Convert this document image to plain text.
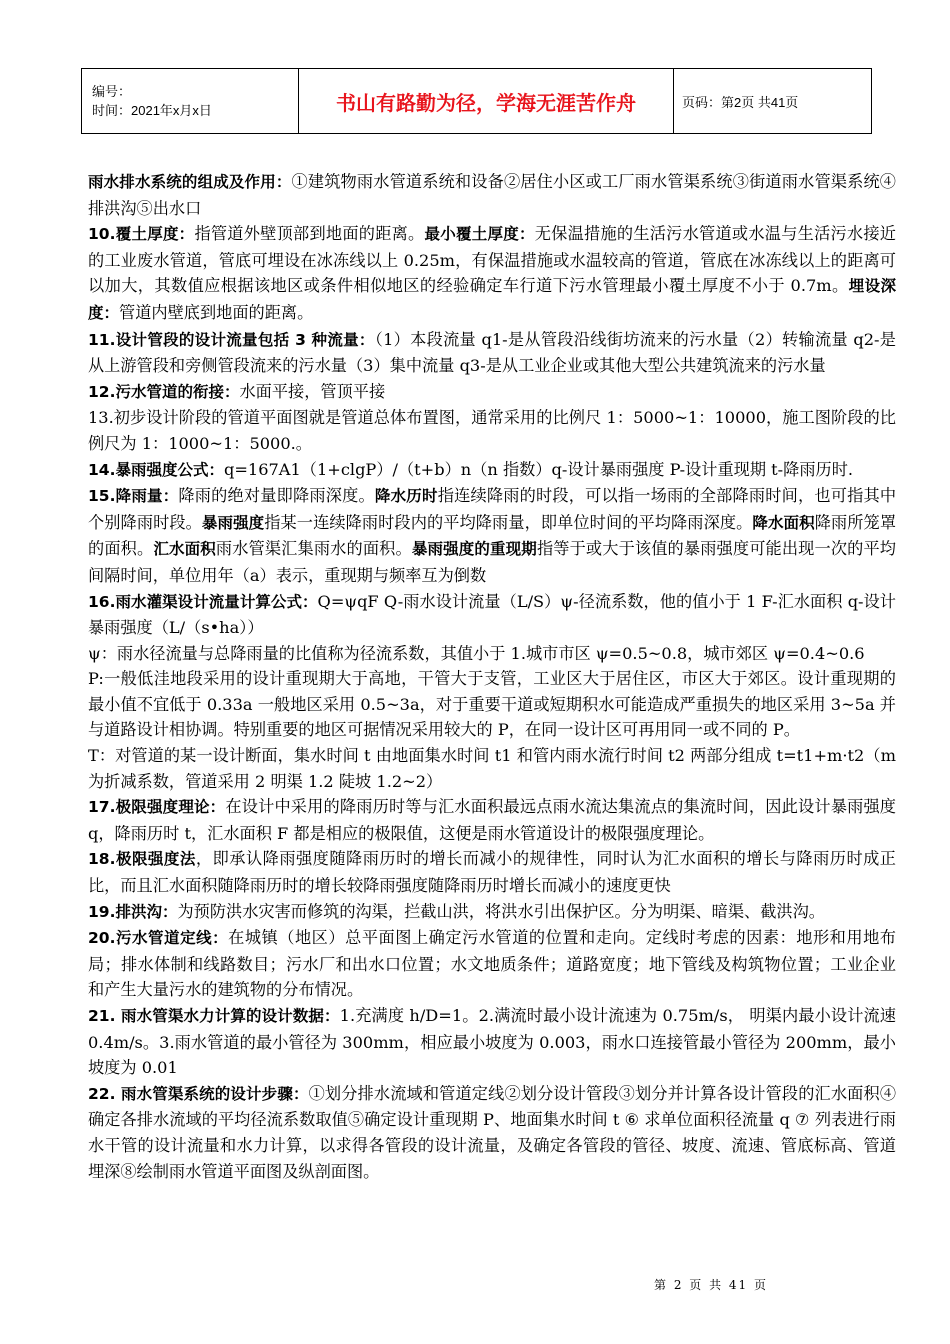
编号：
时间：2021年x月x日	书山有路勤为径，学海无涯苦作舟	页码：第2页 共41页

雨水排水系统的组成及作用：①建筑物雨水管道系统和设备②居住小区或工厂雨水管渠系统③街道雨水管渠系统④排洪沟⑤出水口

10.覆土厚度：指管道外壁顶部到地面的距离。最小覆土厚度：无保温措施的生活污水管道或水温与生活污水接近的工业废水管道，管底可埋设在冰冻线以上 0.25m，有保温措施或水温较高的管道，管底在冰冻线以上的距离可以加大，其数值应根据该地区或条件相似地区的经验确定车行道下污水管理最小覆土厚度不小于 0.7m。埋设深度：管道内壁底到地面的距离。

11.设计管段的设计流量包括 3 种流量：（1）本段流量 q1-是从管段沿线街坊流来的污水量（2）转输流量 q2-是从上游管段和旁侧管段流来的污水量（3）集中流量 q3-是从工业企业或其他大型公共建筑流来的污水量

12.污水管道的衔接：水面平接，管顶平接

13.初步设计阶段的管道平面图就是管道总体布置图，通常采用的比例尺 1：5000~1：10000，施工图阶段的比例尺为 1：1000~1：5000.。

14.暴雨强度公式：q=167A1（1+clgP）/（t+b）n（n 指数）q-设计暴雨强度 P-设计重现期 t-降雨历时.

15.降雨量：降雨的绝对量即降雨深度。降水历时指连续降雨的时段，可以指一场雨的全部降雨时间，也可指其中个别降雨时段。暴雨强度指某一连续降雨时段内的平均降雨量，即单位时间的平均降雨深度。降水面积降雨所笼罩的面积。汇水面积雨水管渠汇集雨水的面积。暴雨强度的重现期指等于或大于该值的暴雨强度可能出现一次的平均间隔时间，单位用年（a）表示，重现期与频率互为倒数

16.雨水灌渠设计流量计算公式：Q=ψqF Q-雨水设计流量（L/S）ψ-径流系数，他的值小于 1 F-汇水面积 q-设计暴雨强度（L/（s•ha））

ψ：雨水径流量与总降雨量的比值称为径流系数，其值小于 1.城市市区 ψ=0.5~0.8，城市郊区 ψ=0.4~0.6

P:一般低洼地段采用的设计重现期大于高地，干管大于支管，工业区大于居住区，市区大于郊区。设计重现期的最小值不宜低于 0.33a 一般地区采用 0.5~3a，对于重要干道或短期积水可能造成严重损失的地区采用 3~5a 并与道路设计相协调。特别重要的地区可据情况采用较大的 P，在同一设计区可再用同一或不同的 P。

T：对管道的某一设计断面，集水时间 t 由地面集水时间 t1 和管内雨水流行时间 t2 两部分组成 t=t1+m·t2（m 为折减系数，管道采用 2 明渠 1.2 陡坡 1.2~2）

17.极限强度理论：在设计中采用的降雨历时等与汇水面积最远点雨水流达集流点的集流时间，因此设计暴雨强度 q，降雨历时 t，汇水面积 F 都是相应的极限值，这便是雨水管道设计的极限强度理论。

18.极限强度法，即承认降雨强度随降雨历时的增长而减小的规律性，同时认为汇水面积的增长与降雨历时成正比，而且汇水面积随降雨历时的增长较降雨强度随降雨历时增长而减小的速度更快

19.排洪沟：为预防洪水灾害而修筑的沟渠，拦截山洪，将洪水引出保护区。分为明渠、暗渠、截洪沟。

20.污水管道定线：在城镇（地区）总平面图上确定污水管道的位置和走向。定线时考虑的因素：地形和用地布局；排水体制和线路数目；污水厂和出水口位置；水文地质条件；道路宽度；地下管线及构筑物位置；工业企业和产生大量污水的建筑物的分布情况。

21. 雨水管渠水力计算的设计数据：1.充满度 h/D=1。2.满流时最小设计流速为 0.75m/s， 明渠内最小设计流速 0.4m/s。3.雨水管道的最小管径为 300mm，相应最小坡度为 0.003，雨水口连接管最小管径为 200mm，最小坡度为 0.01

22. 雨水管渠系统的设计步骤：①划分排水流域和管道定线②划分设计管段③划分并计算各设计管段的汇水面积④确定各排水流域的平均径流系数取值⑤确定设计重现期 P、地面集水时间 t ⑥ 求单位面积径流量 q ⑦ 列表进行雨水干管的设计流量和水力计算，以求得各管段的设计流量，及确定各管段的管径、坡度、流速、管底标高、管道埋深⑧绘制雨水管道平面图及纵剖面图。

第 2 页 共 41 页
